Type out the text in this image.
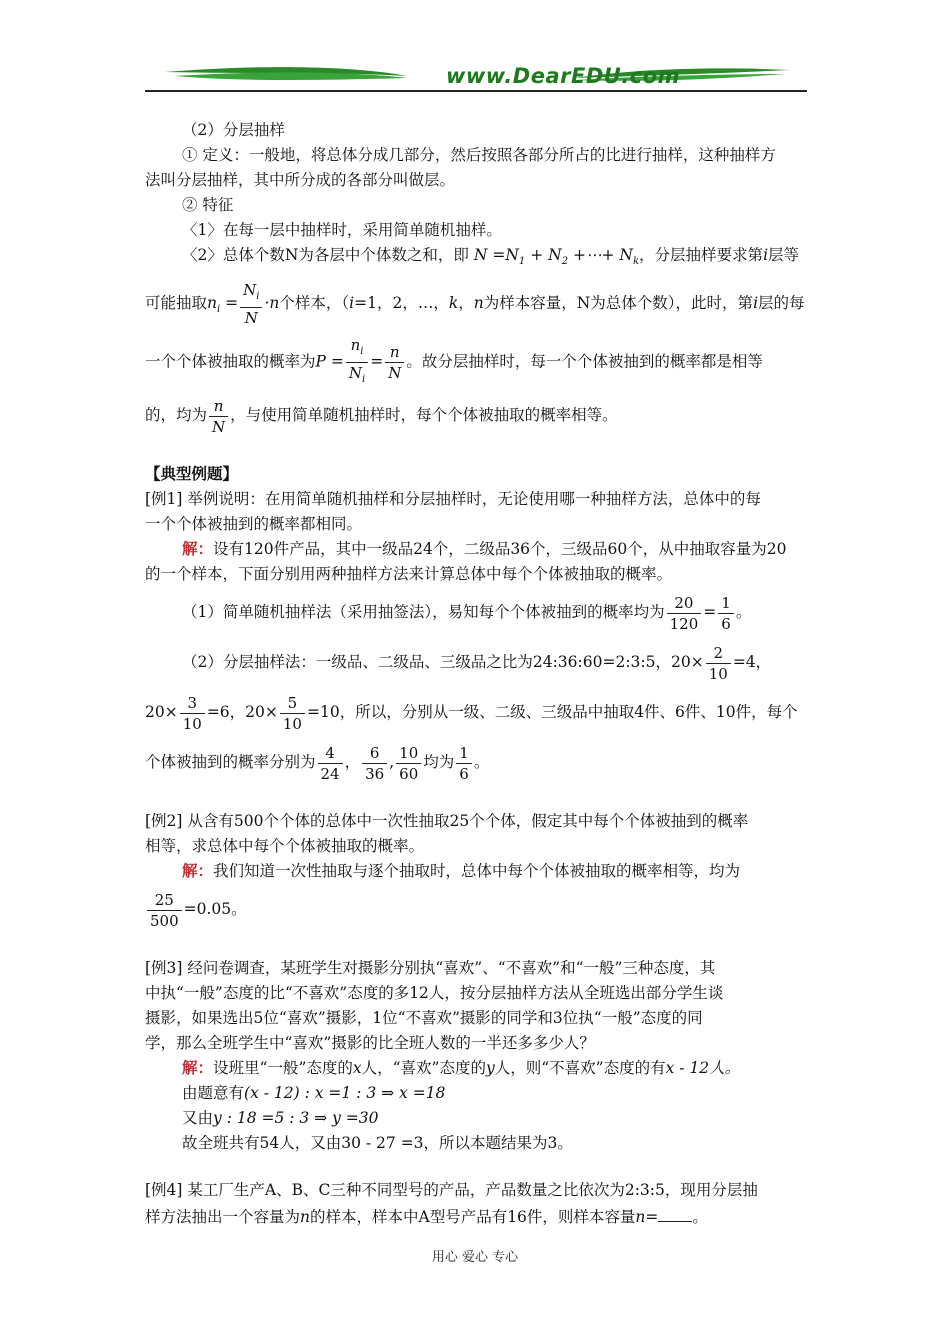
www.DearEDU.com
（2）分层抽样
① 定义：一般地，将总体分成几部分，然后按照各部分所占的比进行抽样，这种抽样方
法叫分层抽样，其中所分成的各部分叫做层。
② 特征
〈1〉在每一层中抽样时，采用简单随机抽样。
〈2〉总体个数N为各层中个体数之和，即 $N =N_1 + N_2$ +⋯+ $N_k$，分层抽样要求第i层等
可能抽取$n_i = \frac{N_i}{N} \cdot n$个样本，（i=1，2，…，k，n为样本容量，N为总体个数），此时，第i层的每
一个个体被抽取的概率为$P = \frac{n_i}{N_i} = \frac{n}{N}$ 。故分层抽样时，每一个个体被抽到的概率都是相等
的，均为 $\frac{n}{N}$ ，与使用简单随机抽样时，每个个体被抽取的概率相等。
【典型例题】
[例1] 举例说明：在用简单随机抽样和分层抽样时，无论使用哪一种抽样方法，总体中的每
一个个体被抽到的概率都相同。
解：设有120件产品，其中一级品24个，二级品36个，三级品60个，从中抽取容量为20
的一个样本，下面分别用两种抽样方法来计算总体中每个个体被抽取的概率。
（1）简单随机抽样法（采用抽签法），易知每个个体被抽到的概率均为 $\frac{20}{120} = \frac{1}{6}$ 。
（2）分层抽样法：一级品、二级品、三级品之比为24:36:60=2:3:5，$20\times \frac{2}{10} =4$，
$20\times \frac{3}{10} =6$，$20\times \frac{5}{10} =10$，所以，分别从一级、二级、三级品中抽取4件、6件、10件，每个
个体被抽到的概率分别为 $\frac{4}{24}$ ， $\frac{6}{36}$ , $\frac{10}{60}$ 均为 $\frac{1}{6}$ 。
[例2] 从含有500个个体的总体中一次性抽取25个个体，假定其中每个个体被抽到的概率
相等，求总体中每个个体被抽取的概率。
解：我们知道一次性抽取与逐个抽取时，总体中每个个体被抽取的概率相等，均为
$\frac{25}{500} =0.05$。
[例3] 经问卷调查，某班学生对摄影分别执“喜欢”、“不喜欢”和“一般”三种态度，其
中执“一般”态度的比“不喜欢”态度的多12人，按分层抽样方法从全班选出部分学生谈
摄影，如果选出5位“喜欢”摄影，1位“不喜欢”摄影的同学和3位执“一般”态度的同
学，那么全班学生中“喜欢”摄影的比全班人数的一半还多多少人？
解：设班里“一般”态度的x人，“喜欢”态度的y人，则“不喜欢”态度的有x - 12人。
由题意有(x - 12) : x =1 : 3 ⇒ x =18
又由y : 18 =5 : 3 ⇒ y =30
故全班共有54人，又由30 - 27 =3，所以本题结果为3。
[例4] 某工厂生产A、B、C三种不同型号的产品，产品数量之比依次为2:3:5，现用分层抽
样方法抽出一个容量为n的样本，样本中A型号产品有16件，则样本容量n= 。
用心 爱心 专心
